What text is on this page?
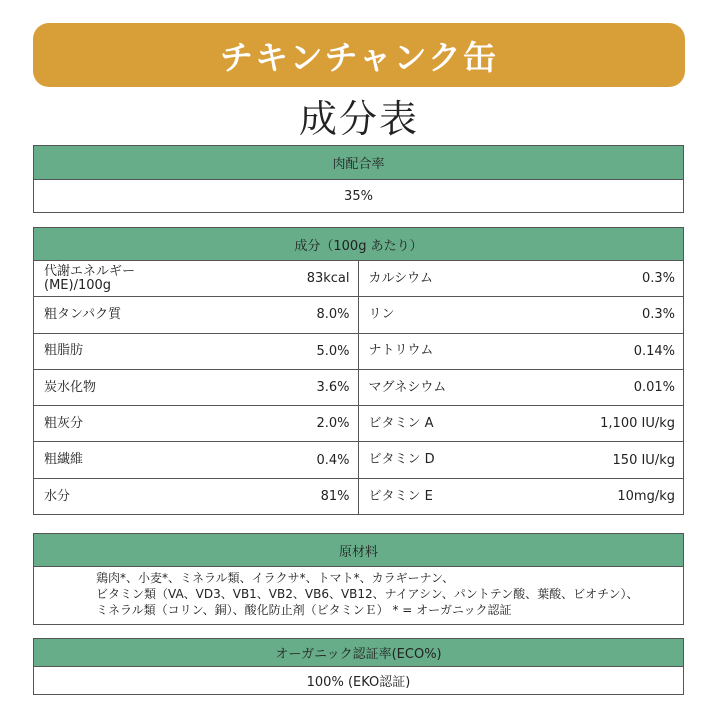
チキンチャンク缶
成分表
肉配合率
35%
成分（100g あたり）
代謝エネルギー
(ME)/100g	83kcal カルシウム	0.3%
粗タンパク質	8.0% リン	0.3%
粗脂肪	5.0% ナトリウム	0.14%
炭水化物	3.6% マグネシウム	0.01%
粗灰分	2.0% ビタミン A	1,100 IU/kg
粗繊維	0.4% ビタミン D	150 IU/kg
水分	81% ビタミン E	10mg/kg
原材料
鶏肉*、小麦*、ミネラル類、イラクサ*、トマト*、カラギーナン、
ビタミン類（VA、VD3、VB1、VB2、VB6、VB12、ナイアシン、パントテン酸、葉酸、ビオチン）、
ミネラル類（コリン、銅）、酸化防止剤（ビタミンＥ） * = オーガニック認証
オーガニック認証率(ECO%)
100% (EKO認証)
